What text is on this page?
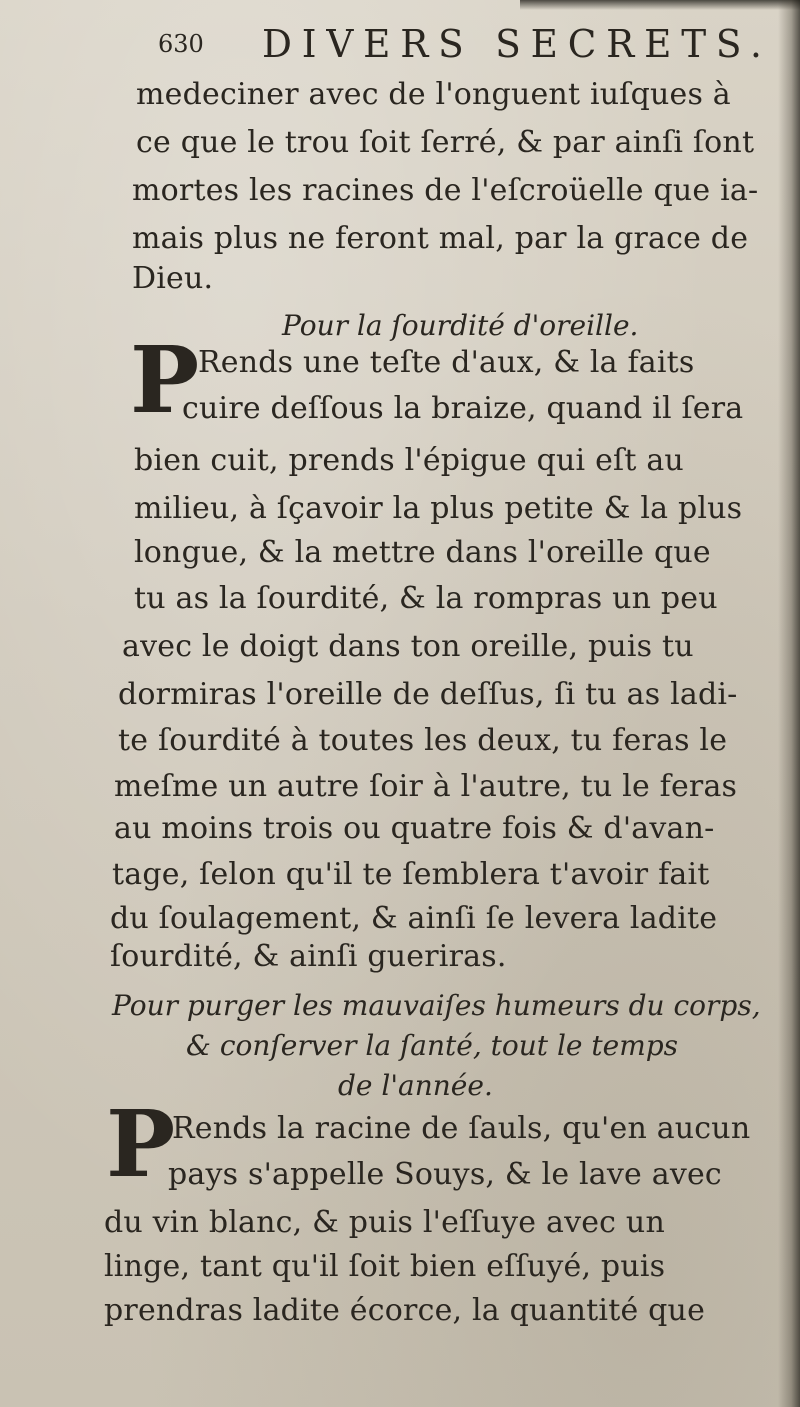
DIVERS SECRETS.
630
medeciner avec de l'onguent iuſques à
ce que le trou ſoit ſerré, & par ainſi ſont
mortes les racines de l'eſcroüelle que ia-
mais plus ne feront mal, par la grace de
Dieu.
Pour la ſourdité d'oreille.
P
Rends une teſte d'aux, & la faits
cuire deſſous la braize, quand il ſera
bien cuit, prends l'épigue qui eſt au
milieu, à ſçavoir la plus petite & la plus
longue, & la mettre dans l'oreille que
tu as la ſourdité, & la rompras un peu
avec le doigt dans ton oreille, puis tu
dormiras l'oreille de deſſus, ſi tu as ladi-
te ſourdité à toutes les deux, tu feras le
meſme un autre ſoir à l'autre, tu le feras
au moins trois ou quatre fois & d'avan-
tage, ſelon qu'il te ſemblera t'avoir fait
du ſoulagement, & ainſi ſe levera ladite
ſourdité, & ainſi gueriras.
Pour purger les mauvaiſes humeurs du corps,
& conſerver la ſanté, tout le temps
de l'année.
P
Rends la racine de ſauls, qu'en aucun
pays s'appelle Souys, & le lave avec
du vin blanc, & puis l'eſſuye avec un
linge, tant qu'il ſoit bien eſſuyé, puis
prendras ladite écorce, la quantité que
